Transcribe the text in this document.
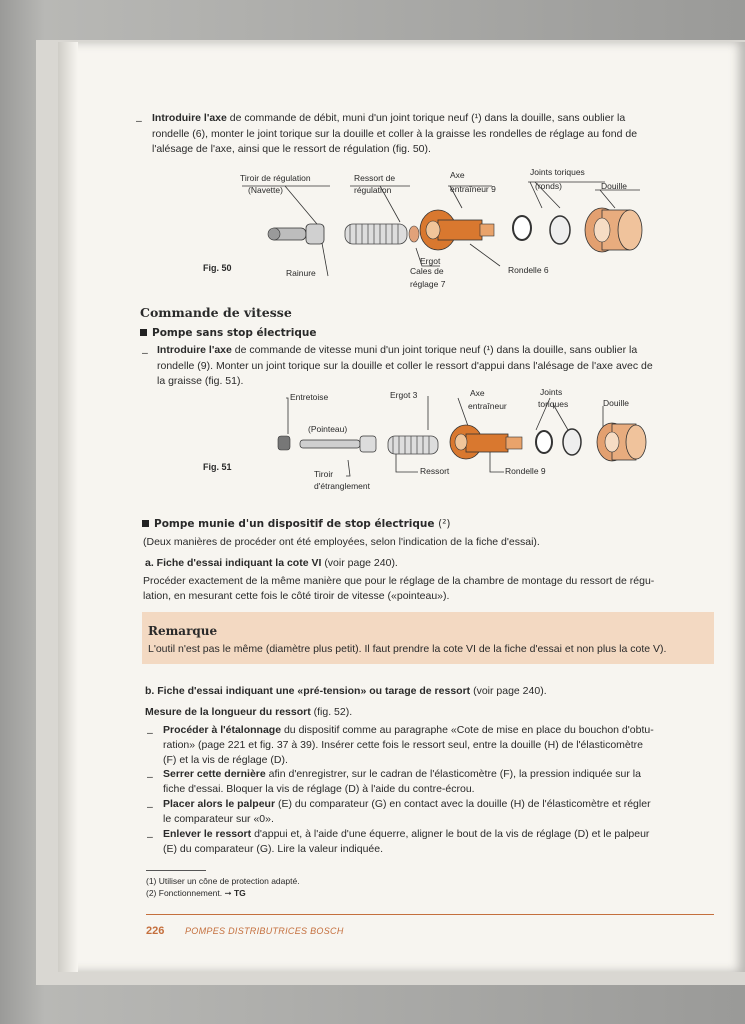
– Introduire l'axe de commande de débit, muni d'un joint torique neuf (¹) dans la douille, sans oublier la
rondelle (6), monter le joint torique sur la douille et coller à la graisse les rondelles de réglage au fond de
l'alésage de l'axe, ainsi que le ressort de régulation (fig. 50).
Tiroir de régulation
(Navette)
Ressort de
régulation
Axe
entraîneur 9
Joints toriques
(ronds)	Douille
Rainure
Ergot
Cales de
réglage 7
Rondelle 6
Fig. 50
Commande de vitesse
Pompe sans stop électrique
– Introduire l'axe de commande de vitesse muni d'un joint torique neuf (¹) dans la douille, sans oublier la
rondelle (9). Monter un joint torique sur la douille et coller le ressort d'appui dans l'alésage de l'axe avec de
la graisse (fig. 51).
Entretoise	Ergot 3	Axe
entraîneur
Joints
toriques	Douille
(Pointeau)
Tiroir
d'étranglement
Ressort	Rondelle 9
Fig. 51
Pompe munie d'un dispositif de stop électrique (²)
(Deux manières de procéder ont été employées, selon l'indication de la fiche d'essai).
a. Fiche d'essai indiquant la cote VI (voir page 240).
Procéder exactement de la même manière que pour le réglage de la chambre de montage du ressort de régu-
lation, en mesurant cette fois le côté tiroir de vitesse («pointeau»).
Remarque
L'outil n'est pas le même (diamètre plus petit). Il faut prendre la cote VI de la fiche d'essai et non plus la cote V).
b. Fiche d'essai indiquant une «pré-tension» ou tarage de ressort (voir page 240).
Mesure de la longueur du ressort (fig. 52).
– Procéder à l'étalonnage du dispositif comme au paragraphe «Cote de mise en place du bouchon d'obtu-
ration» (page 221 et fig. 37 à 39). Insérer cette fois le ressort seul, entre la douille (H) de l'élasticomètre
(F) et la vis de réglage (D).
– Serrer cette dernière afin d'enregistrer, sur le cadran de l'élasticomètre (F), la pression indiquée sur la
fiche d'essai. Bloquer la vis de réglage (D) à l'aide du contre-écrou.
– Placer alors le palpeur (E) du comparateur (G) en contact avec la douille (H) de l'élasticomètre et régler
le comparateur sur «0».
– Enlever le ressort d'appui et, à l'aide d'une équerre, aligner le bout de la vis de réglage (D) et le palpeur
(E) du comparateur (G). Lire la valeur indiquée.
(1) Utiliser un cône de protection adapté.
(2) Fonctionnement. ➞ TG
226 POMPES DISTRIBUTRICES BOSCH
